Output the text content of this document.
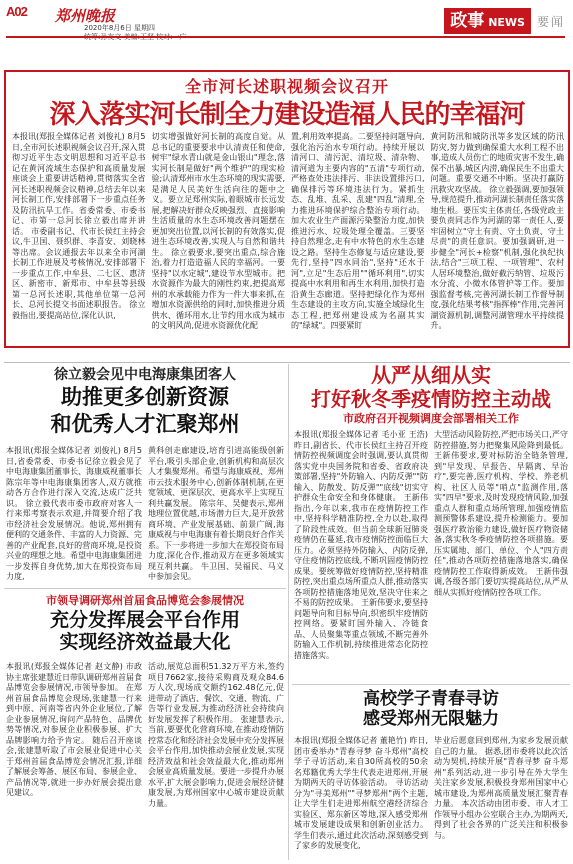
$^{A02}$ 郑州晚报
2020年8月6日 星期四	政事 NEWS	要闻
全市河长述职视频会议召开
深入落实河长制全力建设造福人民的幸福河
本报讯(郑报全媒体记者 刘俊礼) 8月5日,全市河长述职视频会议召开,深入贯彻习近平生态文明思想和习近平总书记在黄河流域生态保护和高质量发展座谈会上重要讲话精神,贯彻落实全省河长述职视频会议精神,总结去年以来河长制工作,安排部署下一步重点任务及防汛抗旱工作。省委常委、市委书记、市第一总河长徐立毅出席并讲话。 市委副书记、代市长侯红主持会议,牛卫国、聂织群、李喜安、刘晓林等出席。会议通报去年以来全市河湖长制工作进展及考核情况,安排部署下一步重点工作,中牟县、二七区、惠济区、新密市、新郑市、中牟县等县级第一总河长述职,其他单位第一总河长、总河长提交书面述职报告。 徐立毅指出,要提高站位,深化认识,
切实增强做好河长制的高度自觉。从总书记的重要要求中认清责任和使命,树牢"绿水青山就是金山银山"理念,落实河长制是做好"两个维护"的现实检验;认清郑州市水生态环境的现实需要,是满足人民美好生活向往的题中之义。要立足郑州实际,着眼城市长远发展,把解决好群众反映强烈、直接影响生活质量的水生态环境改善问题摆在更加突出位置,以河长制的有效落实,促进生态环境改善,实现人与自然和谐共生。 徐立毅要求,要突出重点,综合施治,着力打造造福人民的幸福河。一要坚持"以水定城",建设节水型城市。把水资源作为最大的刚性约束,把提高郑州的水承载能力作为一件大事来抓,在增加水资源供给的同时,加快推进分质供水、循环用水,让节约用水成为城市的文明风尚,促进水资源优化配
置,利用效率提高。二要坚持问题导向,强化治污治水专项行动。持续开展以清河口、清污泥、清垃圾、清杂物、清河道为主要内容的"五清"专项行动,严格查处违法排污、非法设置排污口,确保排污等环境违法行为。紧抓生态、乱堆、乱采、乱建"四乱"清理,全力推进环境保护综合整治专项行动。加大农业生产面源污染整治力度,加快推进污水、垃圾处理全覆盖。三要坚持自然理念,走有中水特色的水生态建设之路。坚持生态修复与适应建设,要先行,坚持"四水同治",坚持"还水于河",立足"生态后用""循环利用",切实提高中水利用和再生水利用,加快打造沿黄生态廊道。坚持把绿化作为郑州生态建设的主攻方向,实施全域绿化生态工程,把郑州建设成为名副其实的"绿城"。四要紧盯
黄河防汛和城防汛等多发区域的防汛防灾,努力做到确保重大水利工程不出事,造成人员伤亡的地质灾害不发生,确保不出暴,城区内涝,确保民生不出重大问题。重要交通不中断。坚决打赢防汛救灾攻坚战。 徐立毅强调,要加强领导,规范提升,推动河湖长制责任落实落地生根。要压实主体责任,各级党政主要负责同志作为河湖的第一责任人,要牢固树立"守土有责、守土负责、守土尽责"的责任意识。要加强调研,进一步健全"河长+检察"机制,强化执纪执法,结合"三项工程、一项管理"、农村人居环境整治,做好截污纳管、垃圾污水分流、小微水体管护等工作。要加强监督考核,完善河湖长制工作督导制度,强化结果考核"指挥棒"作用,完善河湖资源机制,调整河湖管理水平持续提升。
徐立毅会见中电海康集团客人
助推更多创新资源
和优秀人才汇聚郑州
本报讯(郑报全媒体记者 刘俊礼) 8月5日,省委常委、市委书记徐立毅会见了中电海康集团董事长、海康威视董事长陈宗年等中电海康集团客人,双方就推动各方合作进行深入交流,达成广泛共识。 徐立毅代表市委市政府对客人一行来郑考察表示欢迎,并简要介绍了我市经济社会发展情况。他说,郑州拥有便利的交通条件、丰富的人力资源、完善的产业配套,良好的营商环境,是投资兴业的理想之地。希望中电海康集团进一步发挥自身优势,加大在郑投资布局力度,
黄科创走廊建设,培育引进高能级创新平台,吸引头部企业,创新机构和高层次人才集聚郑州。希望与海康威视、郑州市云技术服务中心,创新体制机制,在更宽领域、更深层次、更高水平上实现互利共赢发展。 陈宗年、吴健表示,郑州地理位置优越,市场潜力巨大,是开放营商环境、产业发展基础、前景广阔,海康威视与中电海康有着长期良好合作关系。下一步将进一步加大在郑投资布局力度,深化合作,推动双方在更多领域实现互利共赢。 牛卫国、吴福民、马义中参加会见。
从严从细从实
打好秋冬季疫情防控主动战
市政府召开视频调度会部署相关工作
本报讯(郑报全媒体记者 毛小亚 王浩) 昨日,副省长、代市长侯红主持召开疫情防控视频调度会时强调,要认真贯彻落实党中央国务院和省委、省政府决策部署,坚持"外防输入、内防反弹""防输入、防散发、防反弹""底线"切实守护群众生命安全和身体健康。 王新伟指出,今年以来,我市在疫情防控工作中,坚持科学精准防控,全力以赴,取得了阶段性成效。但当前全球新冠肺炎疫情仍在蔓延,我市疫情防控面临巨大压力。必须坚持外防输入、内防反弹,守住疫情防控底线,不断巩固疫情防控成果。要统筹做好疫情防控,坚持精准防控,突出重点场所重点人群,推动落实各项防控措施落地见效,坚决守住来之不易的防控成果。 王新伟要求,要坚持问题导向和目标导向,织密织牢疫情防控网络。要紧盯国外输入、冷链食品、人员聚集等重点领域,不断完善外防输入工作机制,持续推进常态化防控措施落实。
大型活动风险防控,严把市场关口,严守防控措施,努力把聚集风险降到最低。 王新伟要求,要对标防治全链条管理,到"早发现、早报告、早隔离、早治疗",要完善,医疗机构、学校、养老机构、社区人员等"哨点"监测作用,落实"四早"要求,及时发现疫情风险,加强重点人群和重点场所管理,加强疫情监测预警体系建设,提升检测能力。要加强医疗救治能力建设,做好医疗物资储备,落实秋冬季疫情防控各项措施。要压实属地、部门、单位、个人"四方责任",推动各项防控措施落地落实,确保疫情防控工作取得新成效。 王新伟强调,各级各部门要切实提高站位,从严从细从实抓好疫情防控各项工作。
市领导调研郑州首届食品博览会参展情况
充分发挥展会平台作用
实现经济效益最大化
本报讯(郑报全媒体记者 赵文静) 市政协主席张建慧近日带队调研郑州首届食品博览会参展情况,市领导参加。 在郑州首届食品博览会现场,张建慧一行来到中原、河南等省内外企业展位,了解企业参展情况,询问产品特色、品牌优势等情况,对参展企业积极参展、扩大品牌影响力给予肯定。 随后召开座谈会,张建慧听取了市会展业促进中心关于郑州首届食品博览会情况汇报,详细了解展会筹备、展区布局、参展企业、产品情况等,就进一步办好展会提出意见建议。
活动,展览总面积51.32万平方米,签约项目7662家,接待采购商及观众84.6万人次,现场成交额约162.48亿元,促进带动了酒店、餐饮、交通、物流、广告等行业发展,为推动经济社会持续向好发展发挥了积极作用。 张建慧表示,当前,要要优化营商环境,在推动疫情防控常态化和经济社会发展中充分发挥展会平台作用,加快推动会展业发展,实现经济效益和社会效益最大化,推动郑州会展业高质量发展。要进一步提升办展水平,扩大展会影响力,促进会展经济健康发展,为郑州国家中心城市建设贡献力量。
高校学子青春寻访
感受郑州无限魅力
本报讯(郑报全媒体记者 董艳竹) 昨日,团市委举办"青春寻梦 奋斗郑州"高校学子寻访活动,来自30所高校的50余名郑籍优秀大学生代表走进郑州,开展为期两天的寻访体验活动。 寻访活动分为"寻美郑州""寻梦郑州"两个主题,让大学生们走进郑州航空港经济综合实验区、郑东新区等地,深入感受郑州城市发展建设成果和创新创业活力。学生们表示,通过此次活动,深刻感受到了家乡的发展变化,
毕业后愿意回到郑州,为家乡发展贡献自己的力量。 据悉,团市委将以此次活动为契机,持续开展"青春寻梦 奋斗郑州"系列活动,进一步引导在外大学生关注家乡发展,积极投身郑州国家中心城市建设,为郑州高质量发展汇聚青春力量。 本次活动由团市委、市人才工作领导小组办公室联合主办,为期两天,得到了社会各界的广泛关注和积极参与。
